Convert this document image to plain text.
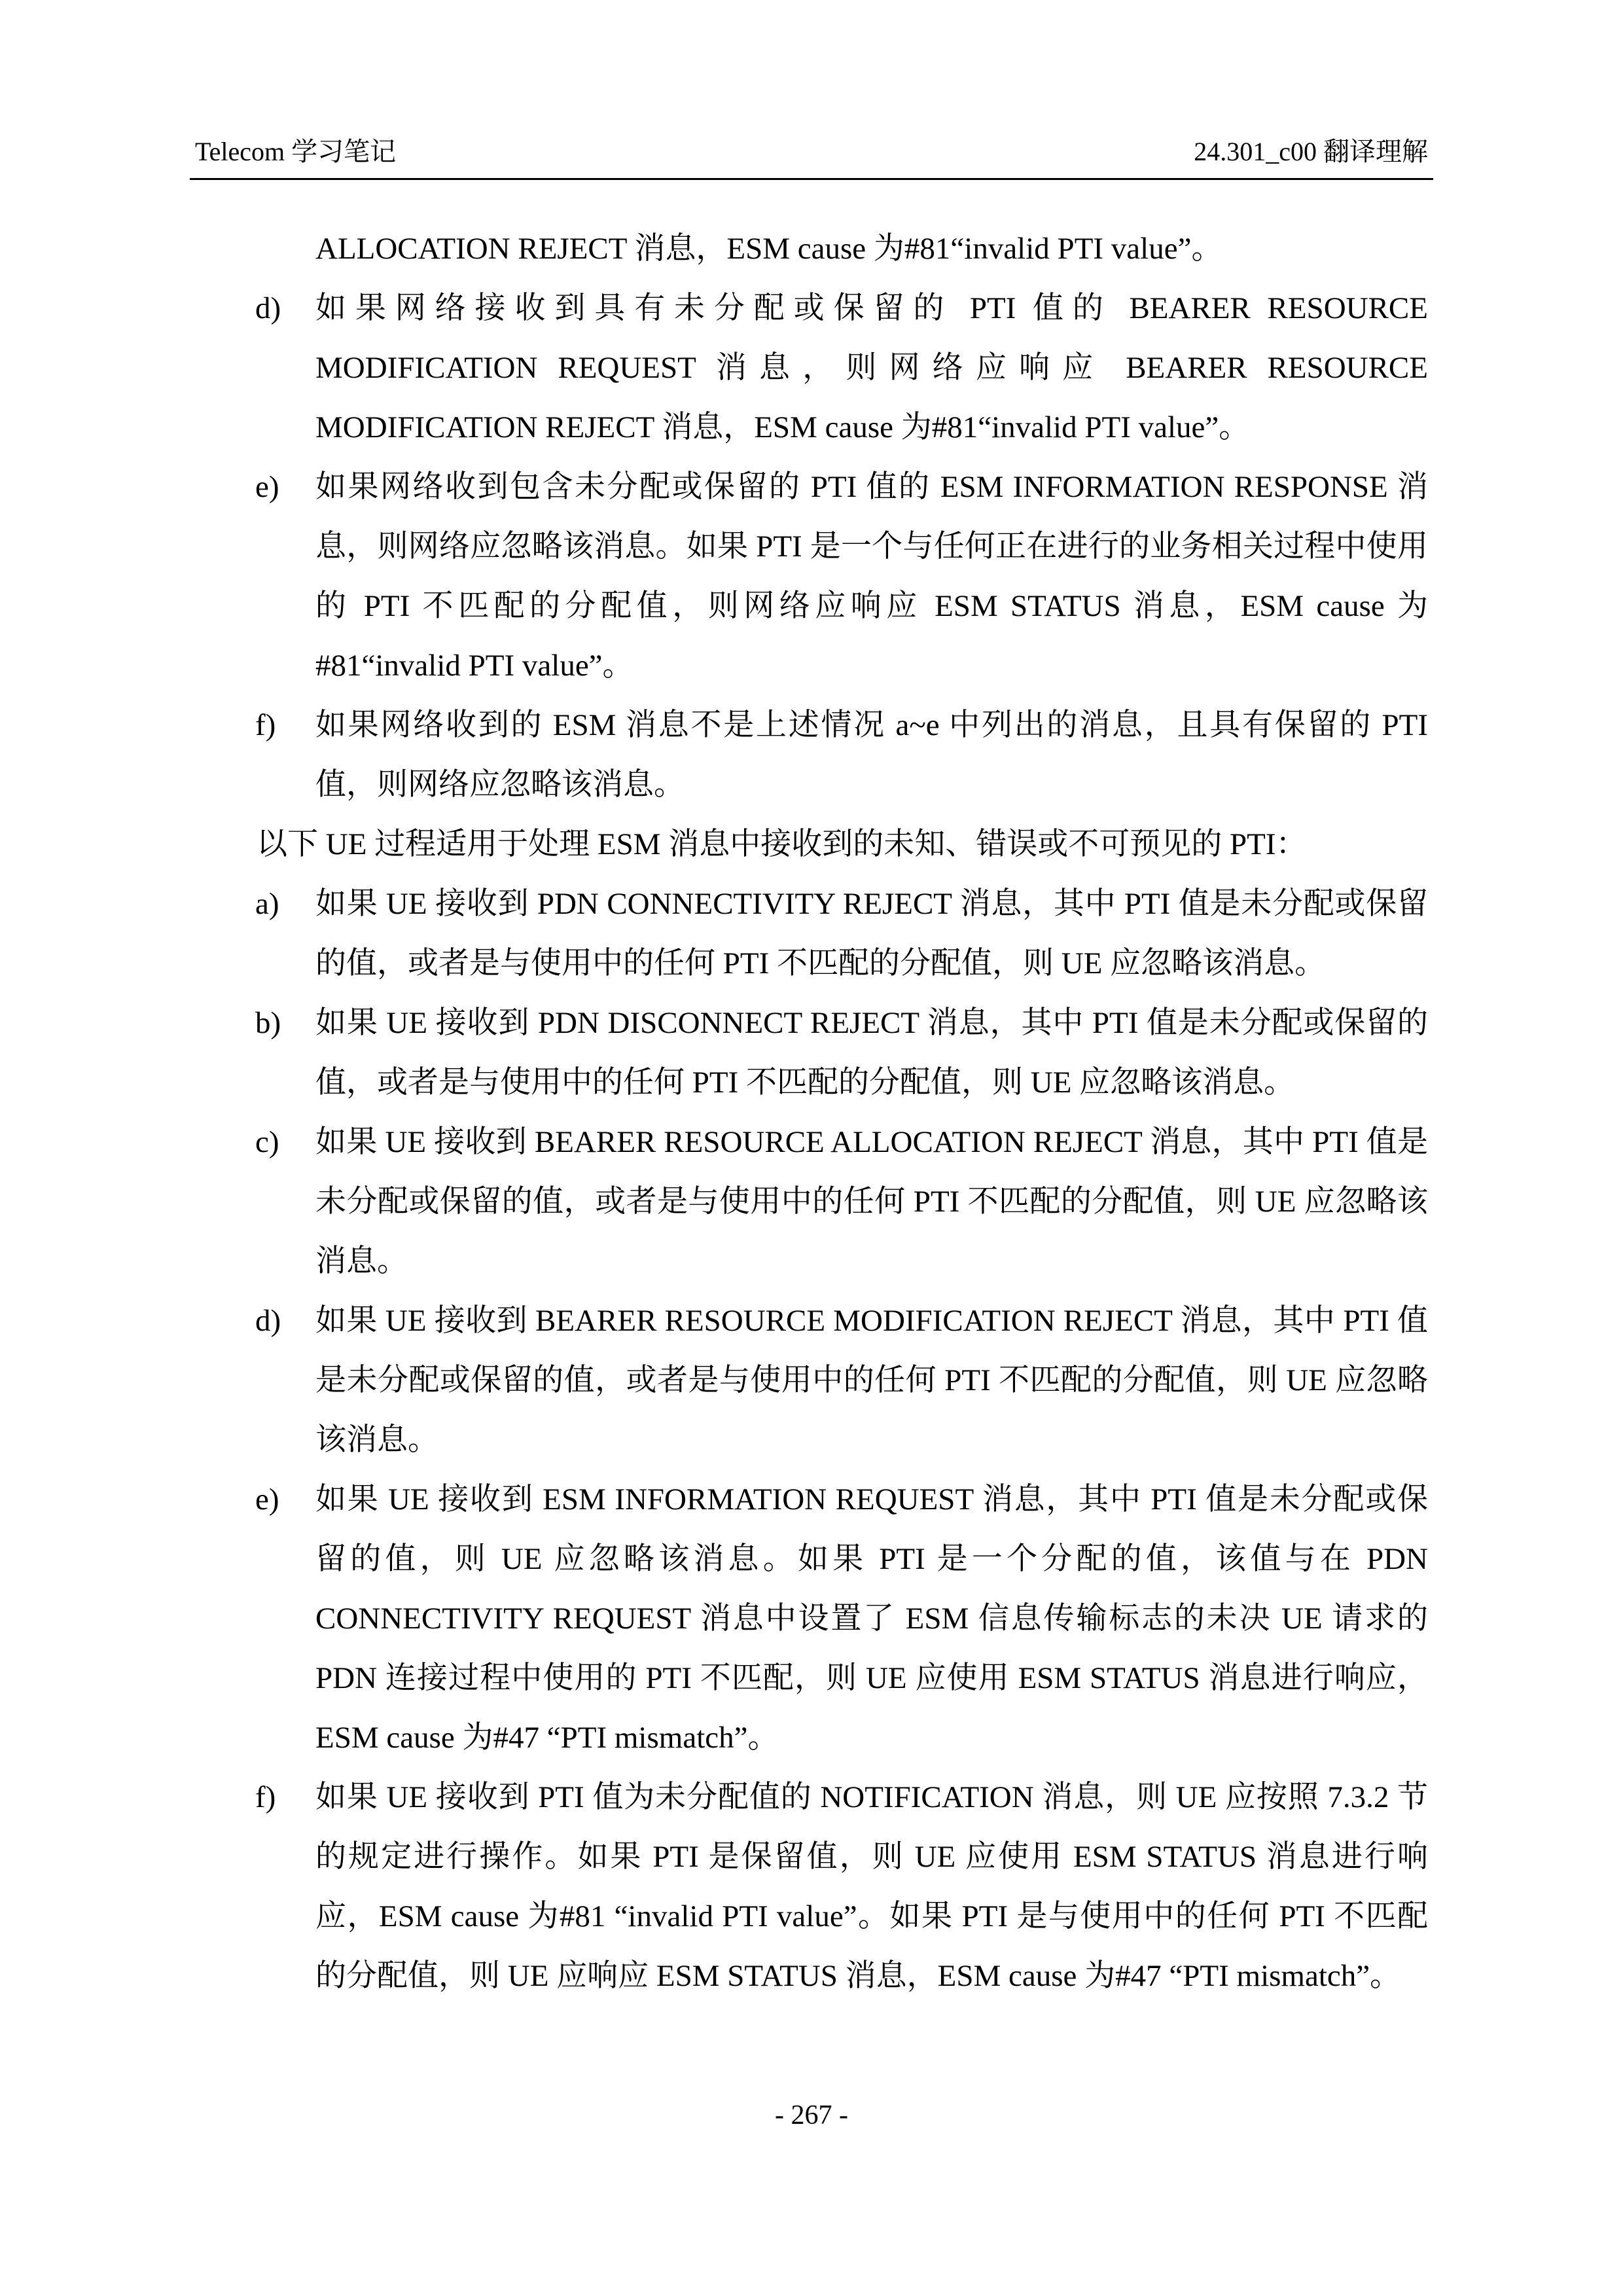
Telecom 学习笔记	24.301_c00 翻译理解
ALLOCATION REJECT 消息，ESM cause 为#81“invalid PTI value”。
d) 如果网络接收到具有未分配或保留的 PTI 值的 BEARER RESOURCE MODIFICATION REQUEST 消息，则网络应响应 BEARER RESOURCE MODIFICATION REJECT 消息，ESM cause 为#81“invalid PTI value”。
e) 如果网络收到包含未分配或保留的 PTI 值的 ESM INFORMATION RESPONSE 消息，则网络应忽略该消息。如果 PTI 是一个与任何正在进行的业务相关过程中使用的 PTI 不匹配的分配值，则网络应响应 ESM STATUS 消息，ESM cause 为#81“invalid PTI value”。
f) 如果网络收到的 ESM 消息不是上述情况 a~e 中列出的消息，且具有保留的 PTI 值，则网络应忽略该消息。
以下 UE 过程适用于处理 ESM 消息中接收到的未知、错误或不可预见的 PTI：
a) 如果 UE 接收到 PDN CONNECTIVITY REJECT 消息，其中 PTI 值是未分配或保留的值，或者是与使用中的任何 PTI 不匹配的分配值，则 UE 应忽略该消息。
b) 如果 UE 接收到 PDN DISCONNECT REJECT 消息，其中 PTI 值是未分配或保留的值，或者是与使用中的任何 PTI 不匹配的分配值，则 UE 应忽略该消息。
c) 如果 UE 接收到 BEARER RESOURCE ALLOCATION REJECT 消息，其中 PTI 值是未分配或保留的值，或者是与使用中的任何 PTI 不匹配的分配值，则 UE 应忽略该消息。
d) 如果 UE 接收到 BEARER RESOURCE MODIFICATION REJECT 消息，其中 PTI 值是未分配或保留的值，或者是与使用中的任何 PTI 不匹配的分配值，则 UE 应忽略该消息。
e) 如果 UE 接收到 ESM INFORMATION REQUEST 消息，其中 PTI 值是未分配或保留的值，则 UE 应忽略该消息。如果 PTI 是一个分配的值，该值与在 PDN CONNECTIVITY REQUEST 消息中设置了 ESM 信息传输标志的未决 UE 请求的 PDN 连接过程中使用的 PTI 不匹配，则 UE 应使用 ESM STATUS 消息进行响应，ESM cause 为#47 “PTI mismatch”。
f) 如果 UE 接收到 PTI 值为未分配值的 NOTIFICATION 消息，则 UE 应按照 7.3.2 节的规定进行操作。如果 PTI 是保留值，则 UE 应使用 ESM STATUS 消息进行响应，ESM cause 为#81 “invalid PTI value”。如果 PTI 是与使用中的任何 PTI 不匹配的分配值，则 UE 应响应 ESM STATUS 消息，ESM cause 为#47 “PTI mismatch”。
- 267 -
